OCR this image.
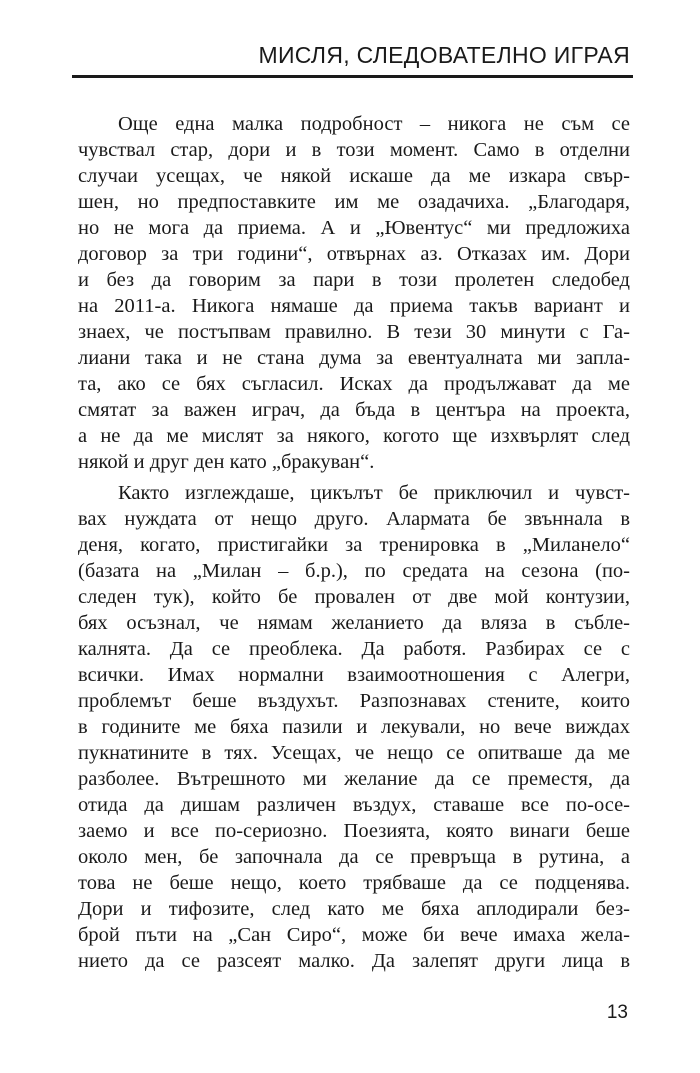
МИСЛЯ, СЛЕДОВАТЕЛНО ИГРАЯ
Още една малка подробност – никога не съм се
чувствал стар, дори и в този момент. Само в отделни
случаи усещах, че някой искаше да ме изкара свър-
шен, но предпоставките им ме озадачиха. „Благодаря,
но не мога да приема. А и „Ювентус“ ми предложиха
договор за три години“, отвърнах аз. Отказах им. Дори
и без да говорим за пари в този пролетен следобед
на 2011-а. Никога нямаше да приема такъв вариант и
знаех, че постъпвам правилно. В тези 30 минути с Га-
лиани така и не стана дума за евентуалната ми запла-
та, ако се бях съгласил. Исках да продължават да ме
смятат за важен играч, да бъда в центъра на проекта,
а не да ме мислят за някого, когото ще изхвърлят след
някой и друг ден като „бракуван“.
Както изглеждаше, цикълът бе приключил и чувст-
вах нуждата от нещо друго. Алармата бе звъннала в
деня, когато, пристигайки за тренировка в „Миланело“
(базата на „Милан – б.р.), по средата на сезона (по-
следен тук), който бе провален от две мой контузии,
бях осъзнал, че нямам желанието да вляза в съблe-
калнята. Да се преоблека. Да работя. Разбирах се с
всички. Имах нормални взаимоотношения с Алегри,
проблемът беше въздухът. Разпознавах стените, които
в годините ме бяха пазили и лекували, но вече виждах
пукнатините в тях. Усещах, че нещо се опитваше да ме
разболее. Вътрешното ми желание да се преместя, да
отида да дишам различен въздух, ставаше все по-осе-
заемо и все по-сериозно. Поезията, която винаги беше
около мен, бе започнала да се превръща в рутина, а
това не беше нещо, което трябваше да се подценява.
Дори и тифозите, след като ме бяха аплодирали без-
брой пъти на „Сан Сиро“, може би вече имаха жела-
нието да се разсеят малко. Да залепят други лица в
13
